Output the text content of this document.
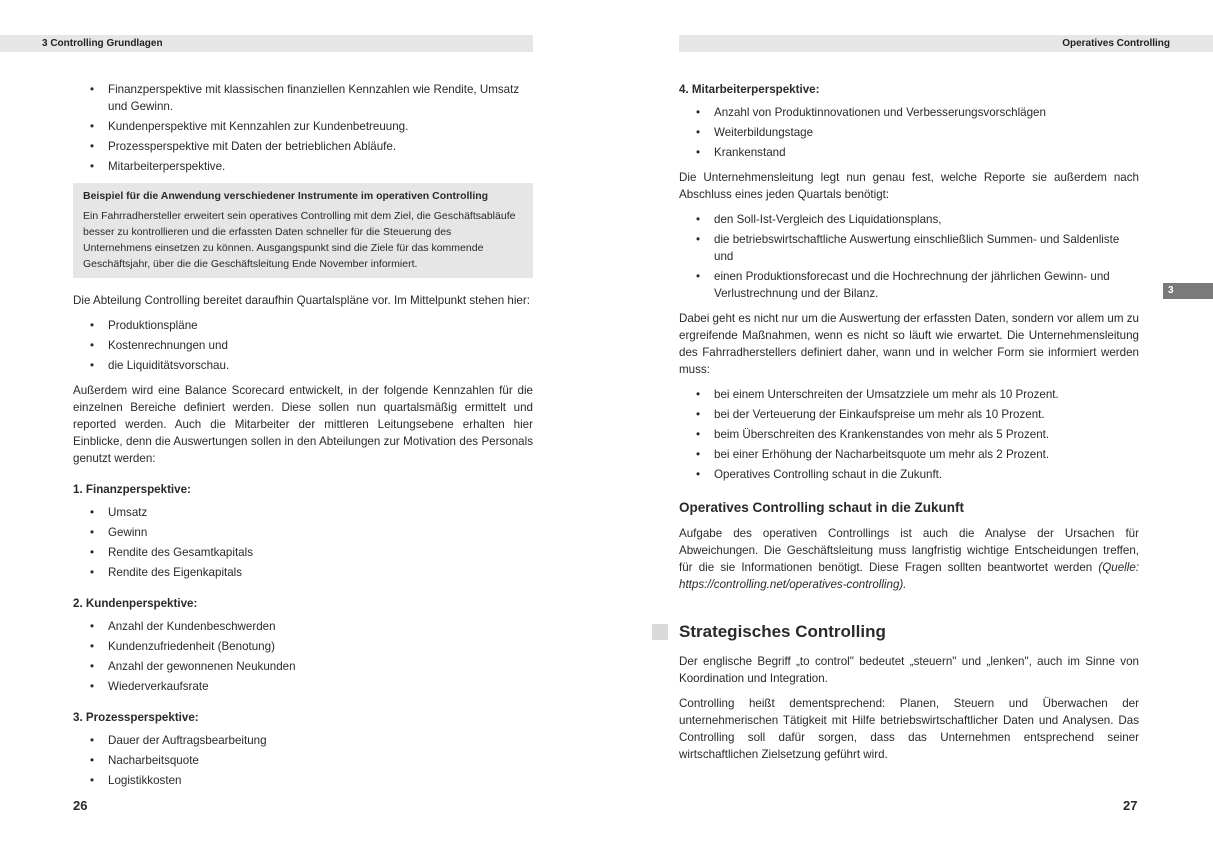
3 Controlling Grundlagen
• Finanzperspektive mit klassischen finanziellen Kennzahlen wie Rendite, Umsatz und Gewinn.
• Kundenperspektive mit Kennzahlen zur Kundenbetreuung.
• Prozessperspektive mit Daten der betrieblichen Abläufe.
• Mitarbeiterperspektive.
Beispiel für die Anwendung verschiedener Instrumente im operativen Controlling
Ein Fahrradhersteller erweitert sein operatives Controlling mit dem Ziel, die Geschäftsabläufe besser zu kontrollieren und die erfassten Daten schneller für die Steuerung des Unternehmens einsetzen zu können. Ausgangspunkt sind die Ziele für das kommende Geschäftsjahr, über die die Geschäftsleitung Ende November informiert.

Die Abteilung Controlling bereitet daraufhin Quartalspläne vor. Im Mittelpunkt stehen hier:

• Produktionspläne
• Kostenrechnungen und
• die Liquiditätsvorschau.

Außerdem wird eine Balance Scorecard entwickelt, in der folgende Kennzahlen für die einzelnen Bereiche definiert werden. Diese sollen nun quartalsmäßig ermittelt und reported werden. Auch die Mitarbeiter der mittleren Leitungsebene erhalten hier Einblicke, denn die Auswertungen sollen in den Abteilungen zur Motivation des Personals genutzt werden:

1. Finanzperspektive:
• Umsatz
• Gewinn
• Rendite des Gesamtkapitals
• Rendite des Eigenkapitals
2. Kundenperspektive:
• Anzahl der Kundenbeschwerden
• Kundenzufriedenheit (Benotung)
• Anzahl der gewonnenen Neukunden
• Wiederverkaufsrate
3. Prozessperspektive:
• Dauer der Auftragsbearbeitung
• Nacharbeitsquote
• Logistikkosten
26
Operatives Controlling
4. Mitarbeiterperspektive:
• Anzahl von Produktinnovationen und Verbesserungsvorschlägen
• Weiterbildungstage
• Krankenstand

Die Unternehmensleitung legt nun genau fest, welche Reporte sie außerdem nach Abschluss eines jeden Quartals benötigt:

• den Soll-Ist-Vergleich des Liquidationsplans,
• die betriebswirtschaftliche Auswertung einschließlich Summen- und Saldenliste und
• einen Produktionsforecast und die Hochrechnung der jährlichen Gewinn- und Verlustrechnung und der Bilanz.

Dabei geht es nicht nur um die Auswertung der erfassten Daten, sondern vor allem um zu ergreifende Maßnahmen, wenn es nicht so läuft wie erwartet. Die Unternehmensleitung des Fahrradherstellers definiert daher, wann und in welcher Form sie informiert werden muss:

• bei einem Unterschreiten der Umsatzziele um mehr als 10 Prozent.
• bei der Verteuerung der Einkaufspreise um mehr als 10 Prozent.
• beim Überschreiten des Krankenstandes von mehr als 5 Prozent.
• bei einer Erhöhung der Nacharbeitsquote um mehr als 2 Prozent.
• Operatives Controlling schaut in die Zukunft.
Operatives Controlling schaut in die Zukunft

Aufgabe des operativen Controllings ist auch die Analyse der Ursachen für Abweichungen. Die Geschäftsleitung muss langfristig wichtige Entscheidungen treffen, für die sie Informationen benötigt. Diese Fragen sollten beantwortet werden (Quelle: https://controlling.net/operatives-controlling).

Strategisches Controlling

Der englische Begriff „to control" bedeutet „steuern" und „lenken", auch im Sinne von Koordination und Integration.

Controlling heißt dementsprechend: Planen, Steuern und Überwachen der unternehmerischen Tätigkeit mit Hilfe betriebswirtschaftlicher Daten und Analysen. Das Controlling soll dafür sorgen, dass das Unternehmen entsprechend seiner wirtschaftlichen Zielsetzung geführt wird.

3
27
